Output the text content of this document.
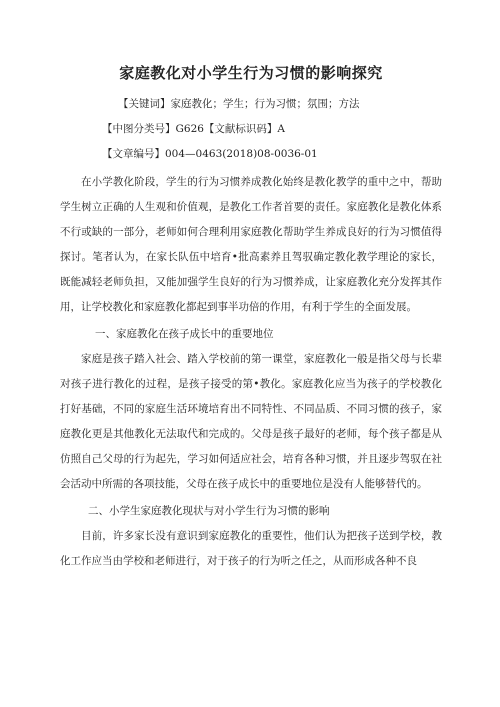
家庭教化对小学生行为习惯的影响探究

【关键词】家庭教化；学生；行为习惯；氛围；方法

【中图分类号】G626【文献标识码】A

【文章编号】004—0463(2018)08-0036-01

在小学教化阶段，学生的行为习惯养成教化始终是教化教学的重中之中，帮助学生树立正确的人生观和价值观，是教化工作者首要的责任。家庭教化是教化体系不行或缺的一部分，老师如何合理利用家庭教化帮助学生养成良好的行为习惯值得探讨。笔者认为，在家长队伍中培育•批高素养且驾驭确定教化教学理论的家长，既能减轻老师负担，又能加强学生良好的行为习惯养成，让家庭教化充分发挥其作用，让学校教化和家庭教化都起到事半功倍的作用，有利于学生的全面发展。

一、家庭教化在孩子成长中的重要地位

家庭是孩子踏入社会、踏入学校前的第一课堂，家庭教化一般是指父母与长辈对孩子进行教化的过程，是孩子接受的第•教化。家庭教化应当为孩子的学校教化打好基础，不同的家庭生活环境培育出不同特性、不同品质、不同习惯的孩子，家庭教化更是其他教化无法取代和完成的。父母是孩子最好的老师，每个孩子都是从仿照自己父母的行为起先，学习如何适应社会，培育各种习惯，并且逐步驾驭在社会活动中所需的各项技能，父母在孩子成长中的重要地位是没有人能够替代的。

二、小学生家庭教化现状与对小学生行为习惯的影响

目前，许多家长没有意识到家庭教化的重要性，他们认为把孩子送到学校，教化工作应当由学校和老师进行，对于孩子的行为听之任之，从而形成各种不良
